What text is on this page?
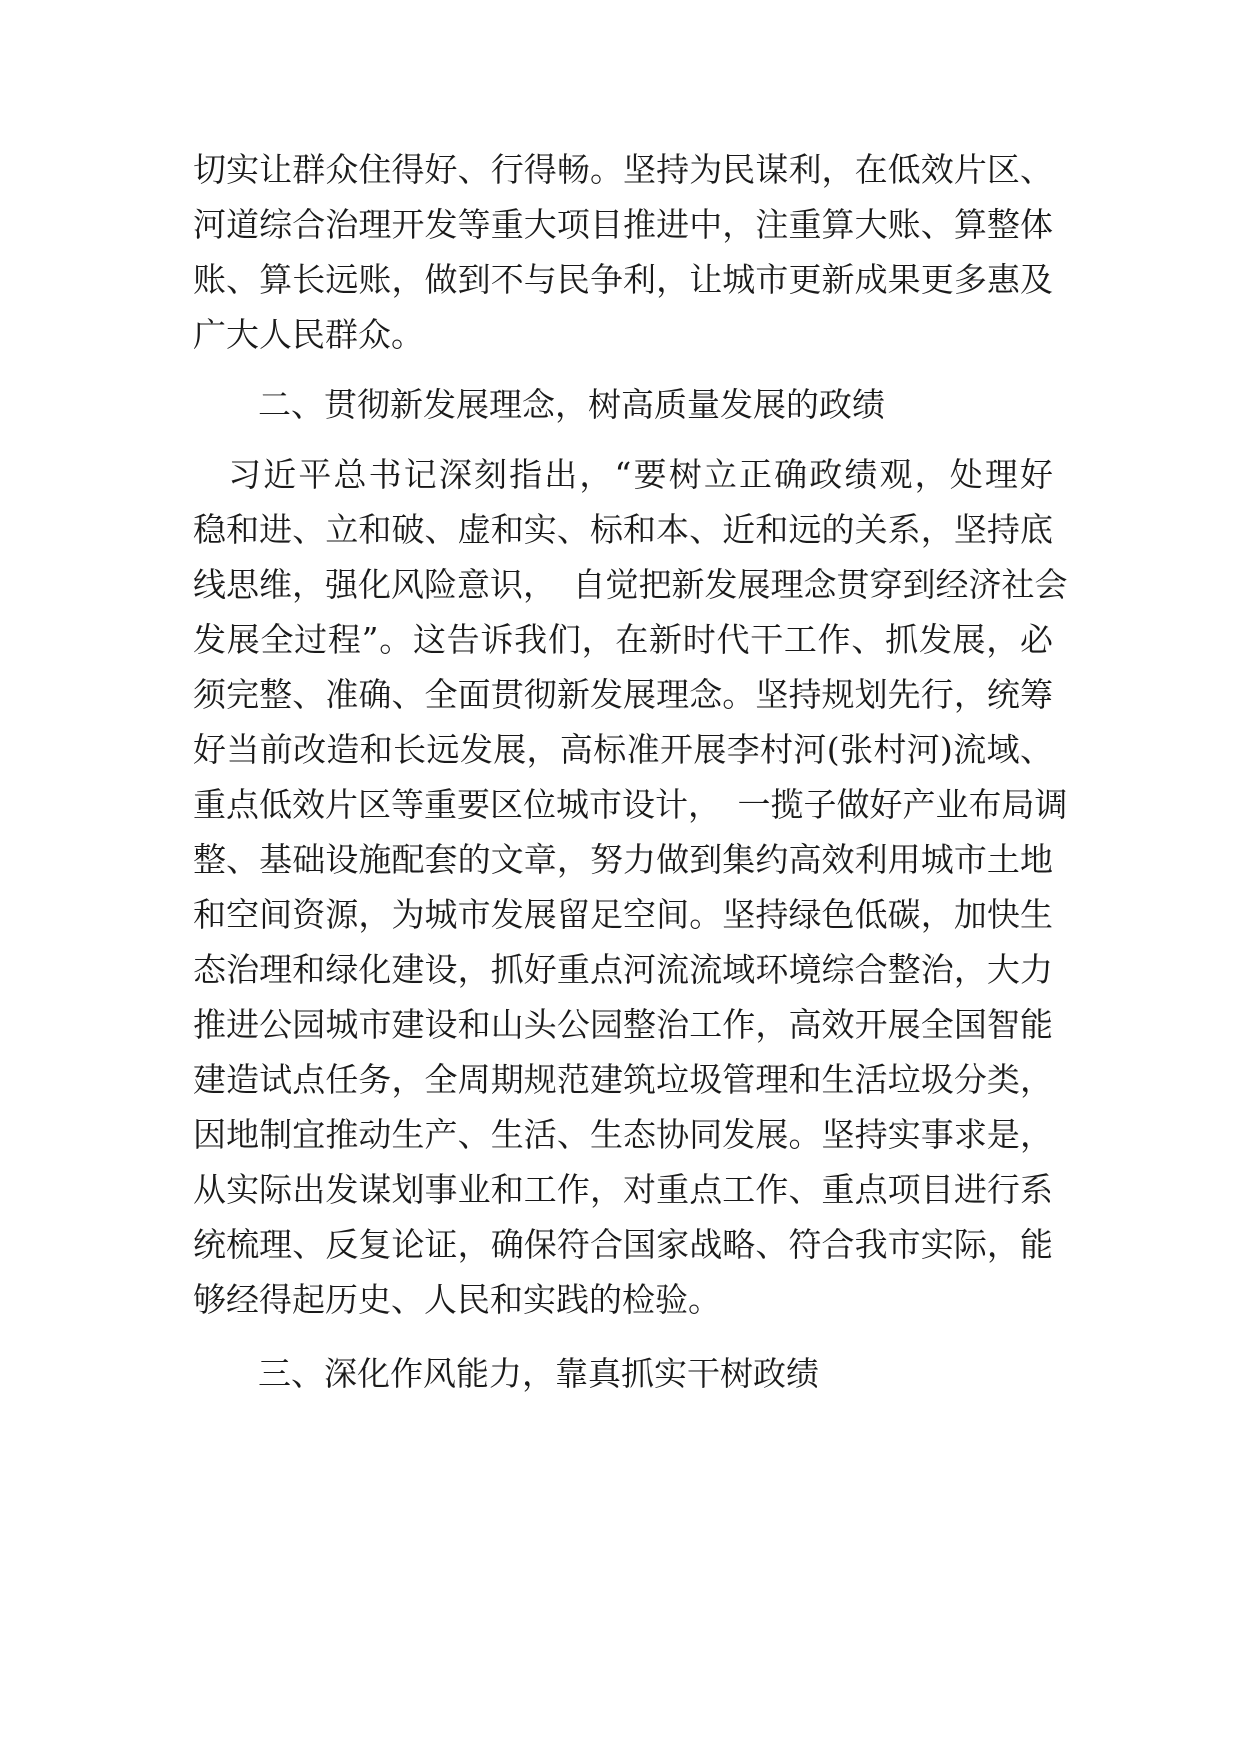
切实让群众住得好、行得畅。坚持为民谋利，在低效片区、
河道综合治理开发等重大项目推进中，注重算大账、算整体
账、算长远账，做到不与民争利，让城市更新成果更多惠及
广大人民群众。
二、贯彻新发展理念，树高质量发展的政绩
　习近平总书记深刻指出，“要树立正确政绩观，处理好
稳和进、立和破、虚和实、标和本、近和远的关系，坚持底
线思维，强化风险意识，　自觉把新发展理念贯穿到经济社会
发展全过程”。这告诉我们，在新时代干工作、抓发展，必
须完整、准确、全面贯彻新发展理念。坚持规划先行，统筹
好当前改造和长远发展，高标准开展李村河(张村河)流域、
重点低效片区等重要区位城市设计，　一揽子做好产业布局调
整、基础设施配套的文章，努力做到集约高效利用城市土地
和空间资源，为城市发展留足空间。坚持绿色低碳，加快生
态治理和绿化建设，抓好重点河流流域环境综合整治，大力
推进公园城市建设和山头公园整治工作，高效开展全国智能
建造试点任务，全周期规范建筑垃圾管理和生活垃圾分类，
因地制宜推动生产、生活、生态协同发展。坚持实事求是，
从实际出发谋划事业和工作，对重点工作、重点项目进行系
统梳理、反复论证，确保符合国家战略、符合我市实际，能
够经得起历史、人民和实践的检验。
三、深化作风能力，靠真抓实干树政绩
